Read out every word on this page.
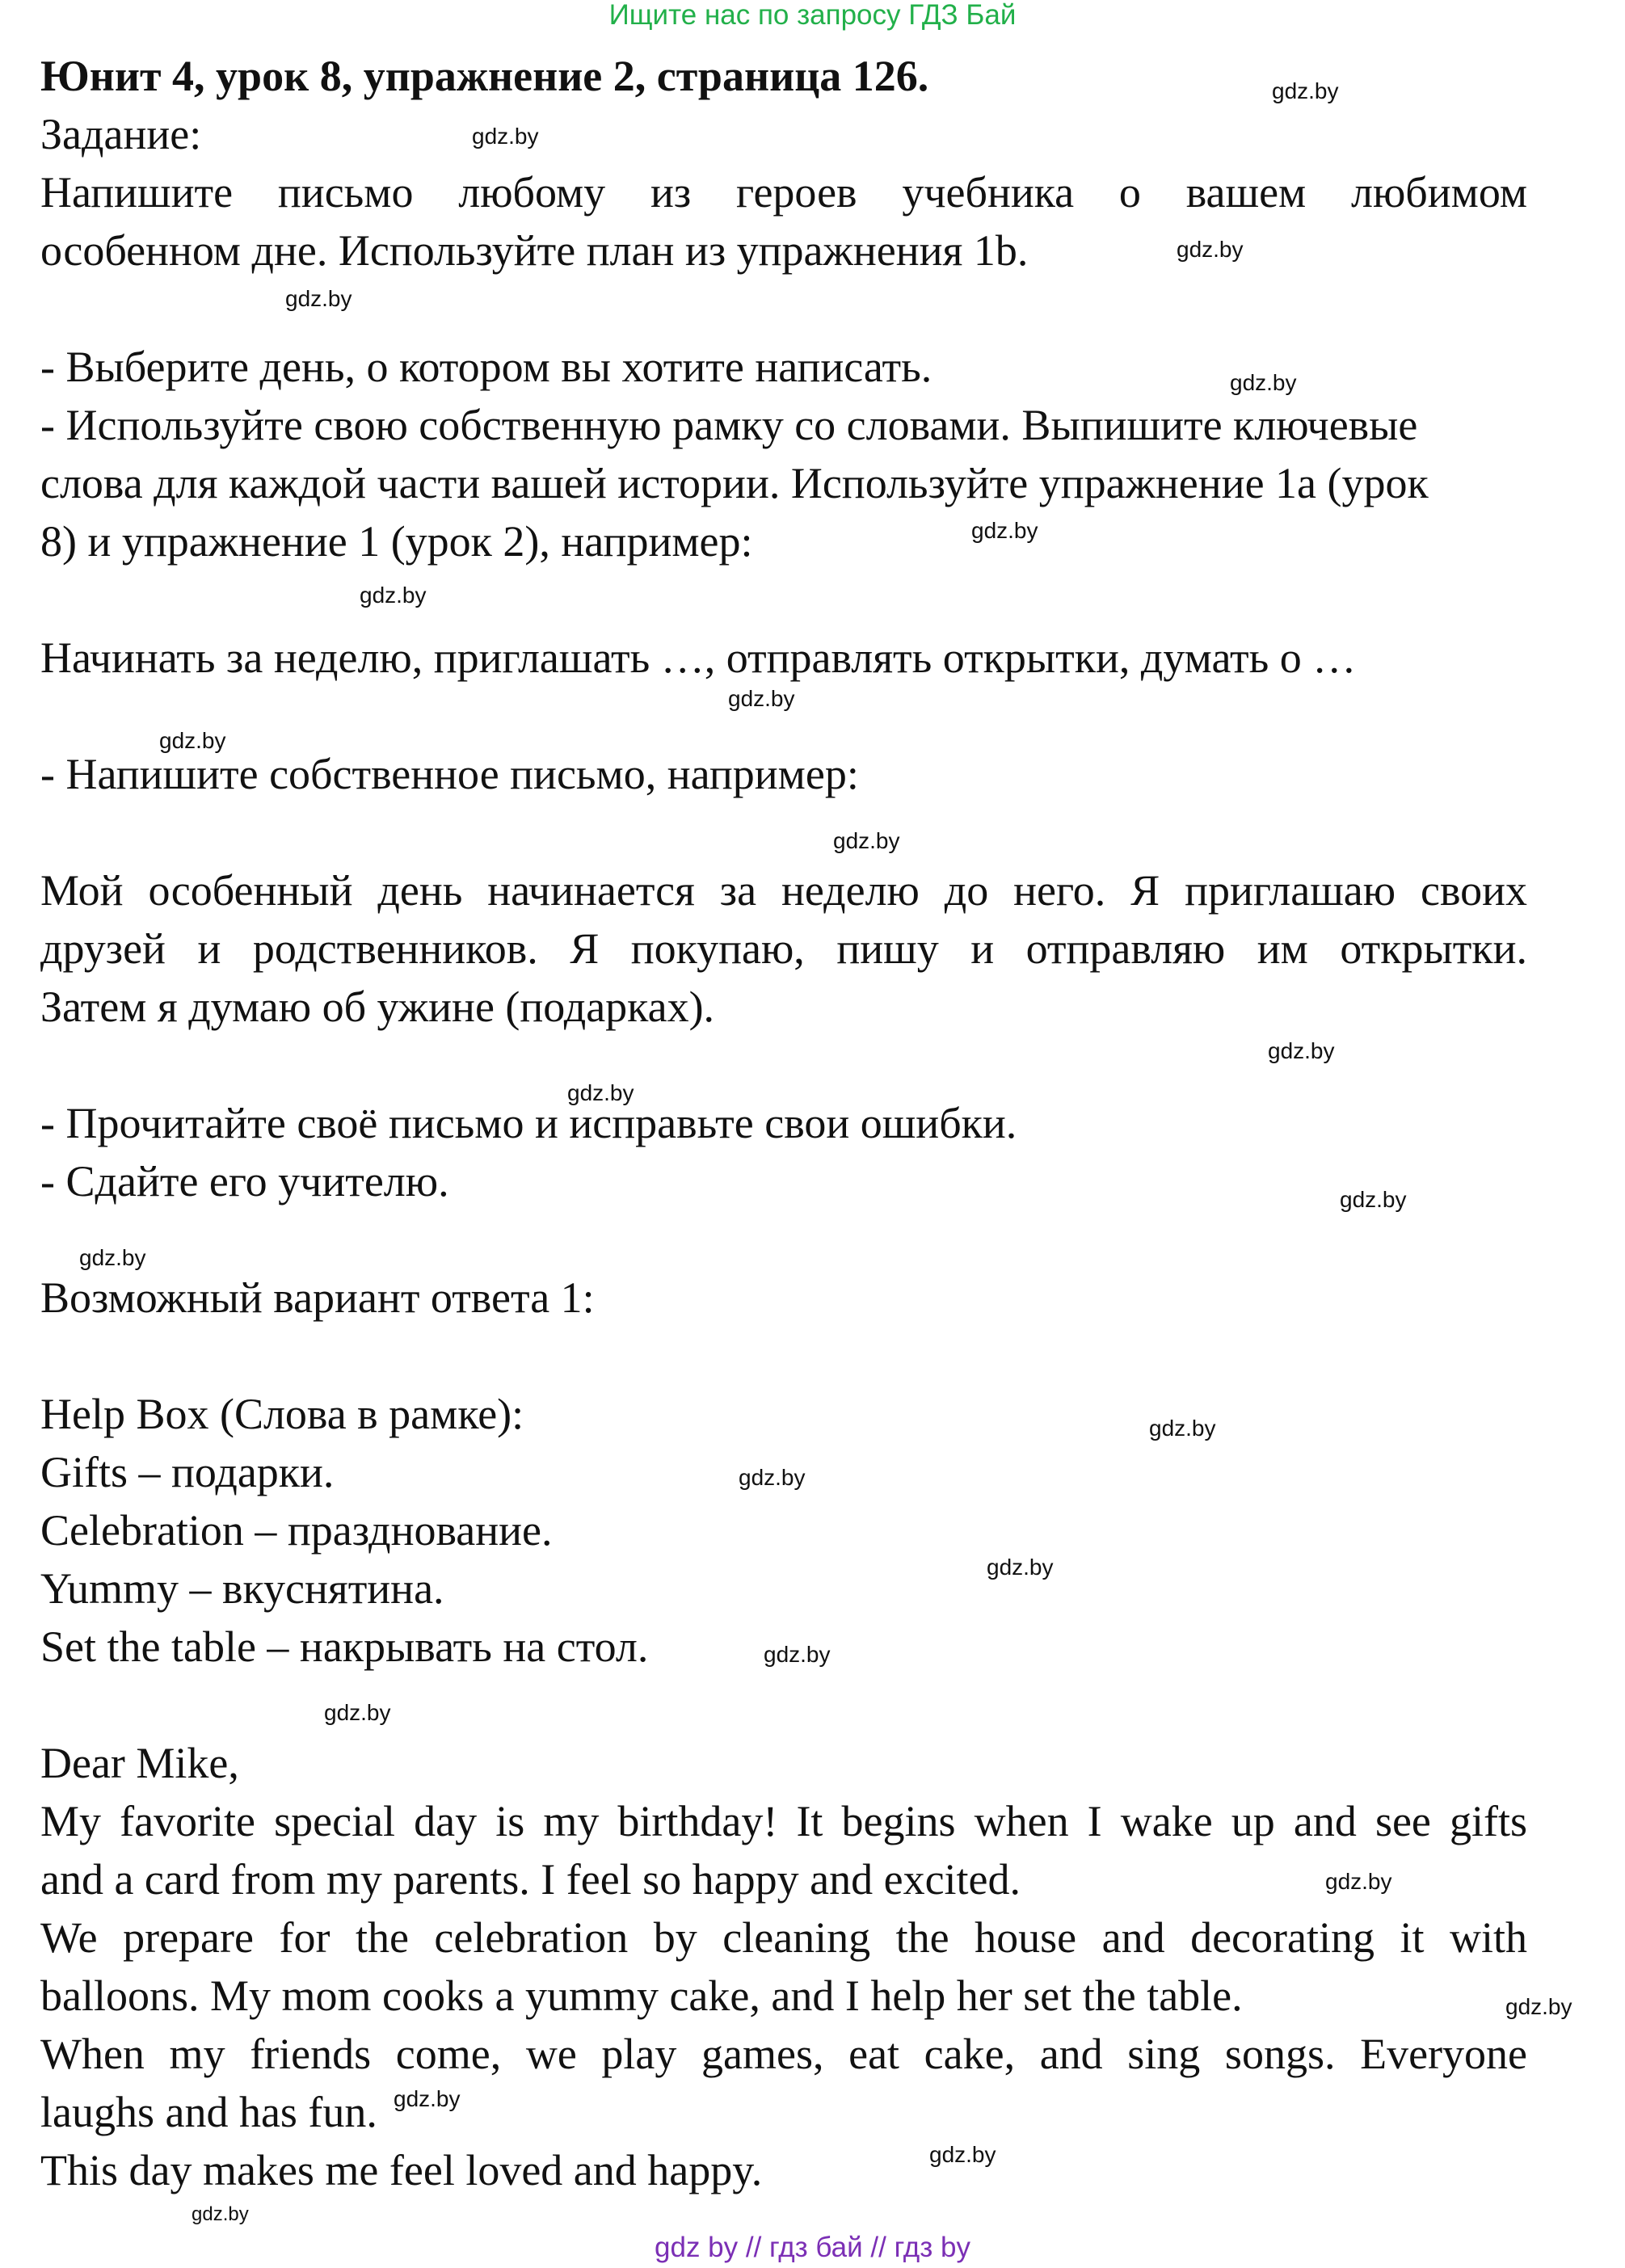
Ищите нас по запросу ГДЗ Бай
Юнит 4, урок 8, упражнение 2, страница 126.
Задание:
Напишите письмо любому из героев учебника о вашем любимом
особенном дне. Используйте план из упражнения 1b.
- Выберите день, о котором вы хотите написать.
- Используйте свою собственную рамку со словами. Выпишите ключевые
слова для каждой части вашей истории. Используйте упражнение 1a (урок
8) и упражнение 1 (урок 2), например:
Начинать за неделю, приглашать …, отправлять открытки, думать о …
- Напишите собственное письмо, например:
Мой особенный день начинается за неделю до него. Я приглашаю своих
друзей и родственников. Я покупаю, пишу и отправляю им открытки.
Затем я думаю об ужине (подарках).
- Прочитайте своё письмо и исправьте свои ошибки.
- Сдайте его учителю.
Возможный вариант ответа 1:
Help Box (Слова в рамке):
Gifts – подарки.
Celebration – празднование.
Yummy – вкуснятина.
Set the table – накрывать на стол.
Dear Mike,
My favorite special day is my birthday! It begins when I wake up and see gifts
and a card from my parents. I feel so happy and excited.
We prepare for the celebration by cleaning the house and decorating it with
balloons. My mom cooks a yummy cake, and I help her set the table.
When my friends come, we play games, eat cake, and sing songs. Everyone
laughs and has fun.
This day makes me feel loved and happy.
gdz.by
gdz.by
gdz.by
gdz.by
gdz.by
gdz.by
gdz.by
gdz.by
gdz.by
gdz.by
gdz.by
gdz.by
gdz.by
gdz.by
gdz.by
gdz.by
gdz.by
gdz.by
gdz.by
gdz.by
gdz.by
gdz.by
gdz.by
gdz.by
gdz by // гдз бай // гдз by
